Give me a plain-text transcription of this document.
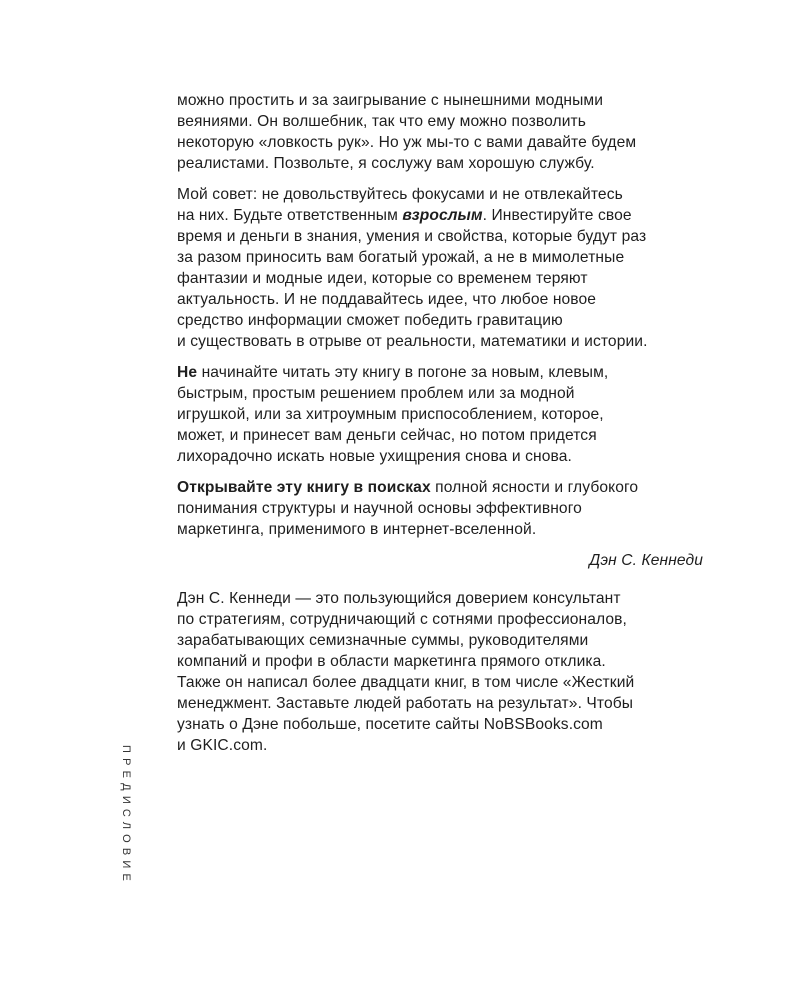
можно простить и за заигрывание с нынешними модными
веяниями. Он волшебник, так что ему можно позволить
некоторую «ловкость рук». Но уж мы-то с вами давайте будем
реалистами. Позвольте, я сослужу вам хорошую службу.

Мой совет: не довольствуйтесь фокусами и не отвлекайтесь
на них. Будьте ответственным взрослым. Инвестируйте свое
время и деньги в знания, умения и свойства, которые будут раз
за разом приносить вам богатый урожай, а не в мимолетные
фантазии и модные идеи, которые со временем теряют
актуальность. И не поддавайтесь идее, что любое новое
средство информации сможет победить гравитацию
и существовать в отрыве от реальности, математики и истории.

Не начинайте читать эту книгу в погоне за новым, клевым,
быстрым, простым решением проблем или за модной
игрушкой, или за хитроумным приспособлением, которое,
может, и принесет вам деньги сейчас, но потом придется
лихорадочно искать новые ухищрения снова и снова.

Открывайте эту книгу в поисках полной ясности и глубокого
понимания структуры и научной основы эффективного
маркетинга, применимого в интернет-вселенной.

Дэн С. Кеннеди

Дэн С. Кеннеди — это пользующийся доверием консультант
по стратегиям, сотрудничающий с сотнями профессионалов,
зарабатывающих семизначные суммы, руководителями
компаний и профи в области маркетинга прямого отклика.
Также он написал более двадцати книг, в том числе «Жесткий
менеджмент. Заставьте людей работать на результат». Чтобы
узнать о Дэне побольше, посетите сайты NoBSBooks.com
и GKIC.com.

ПРЕДИСЛОВИЕ
